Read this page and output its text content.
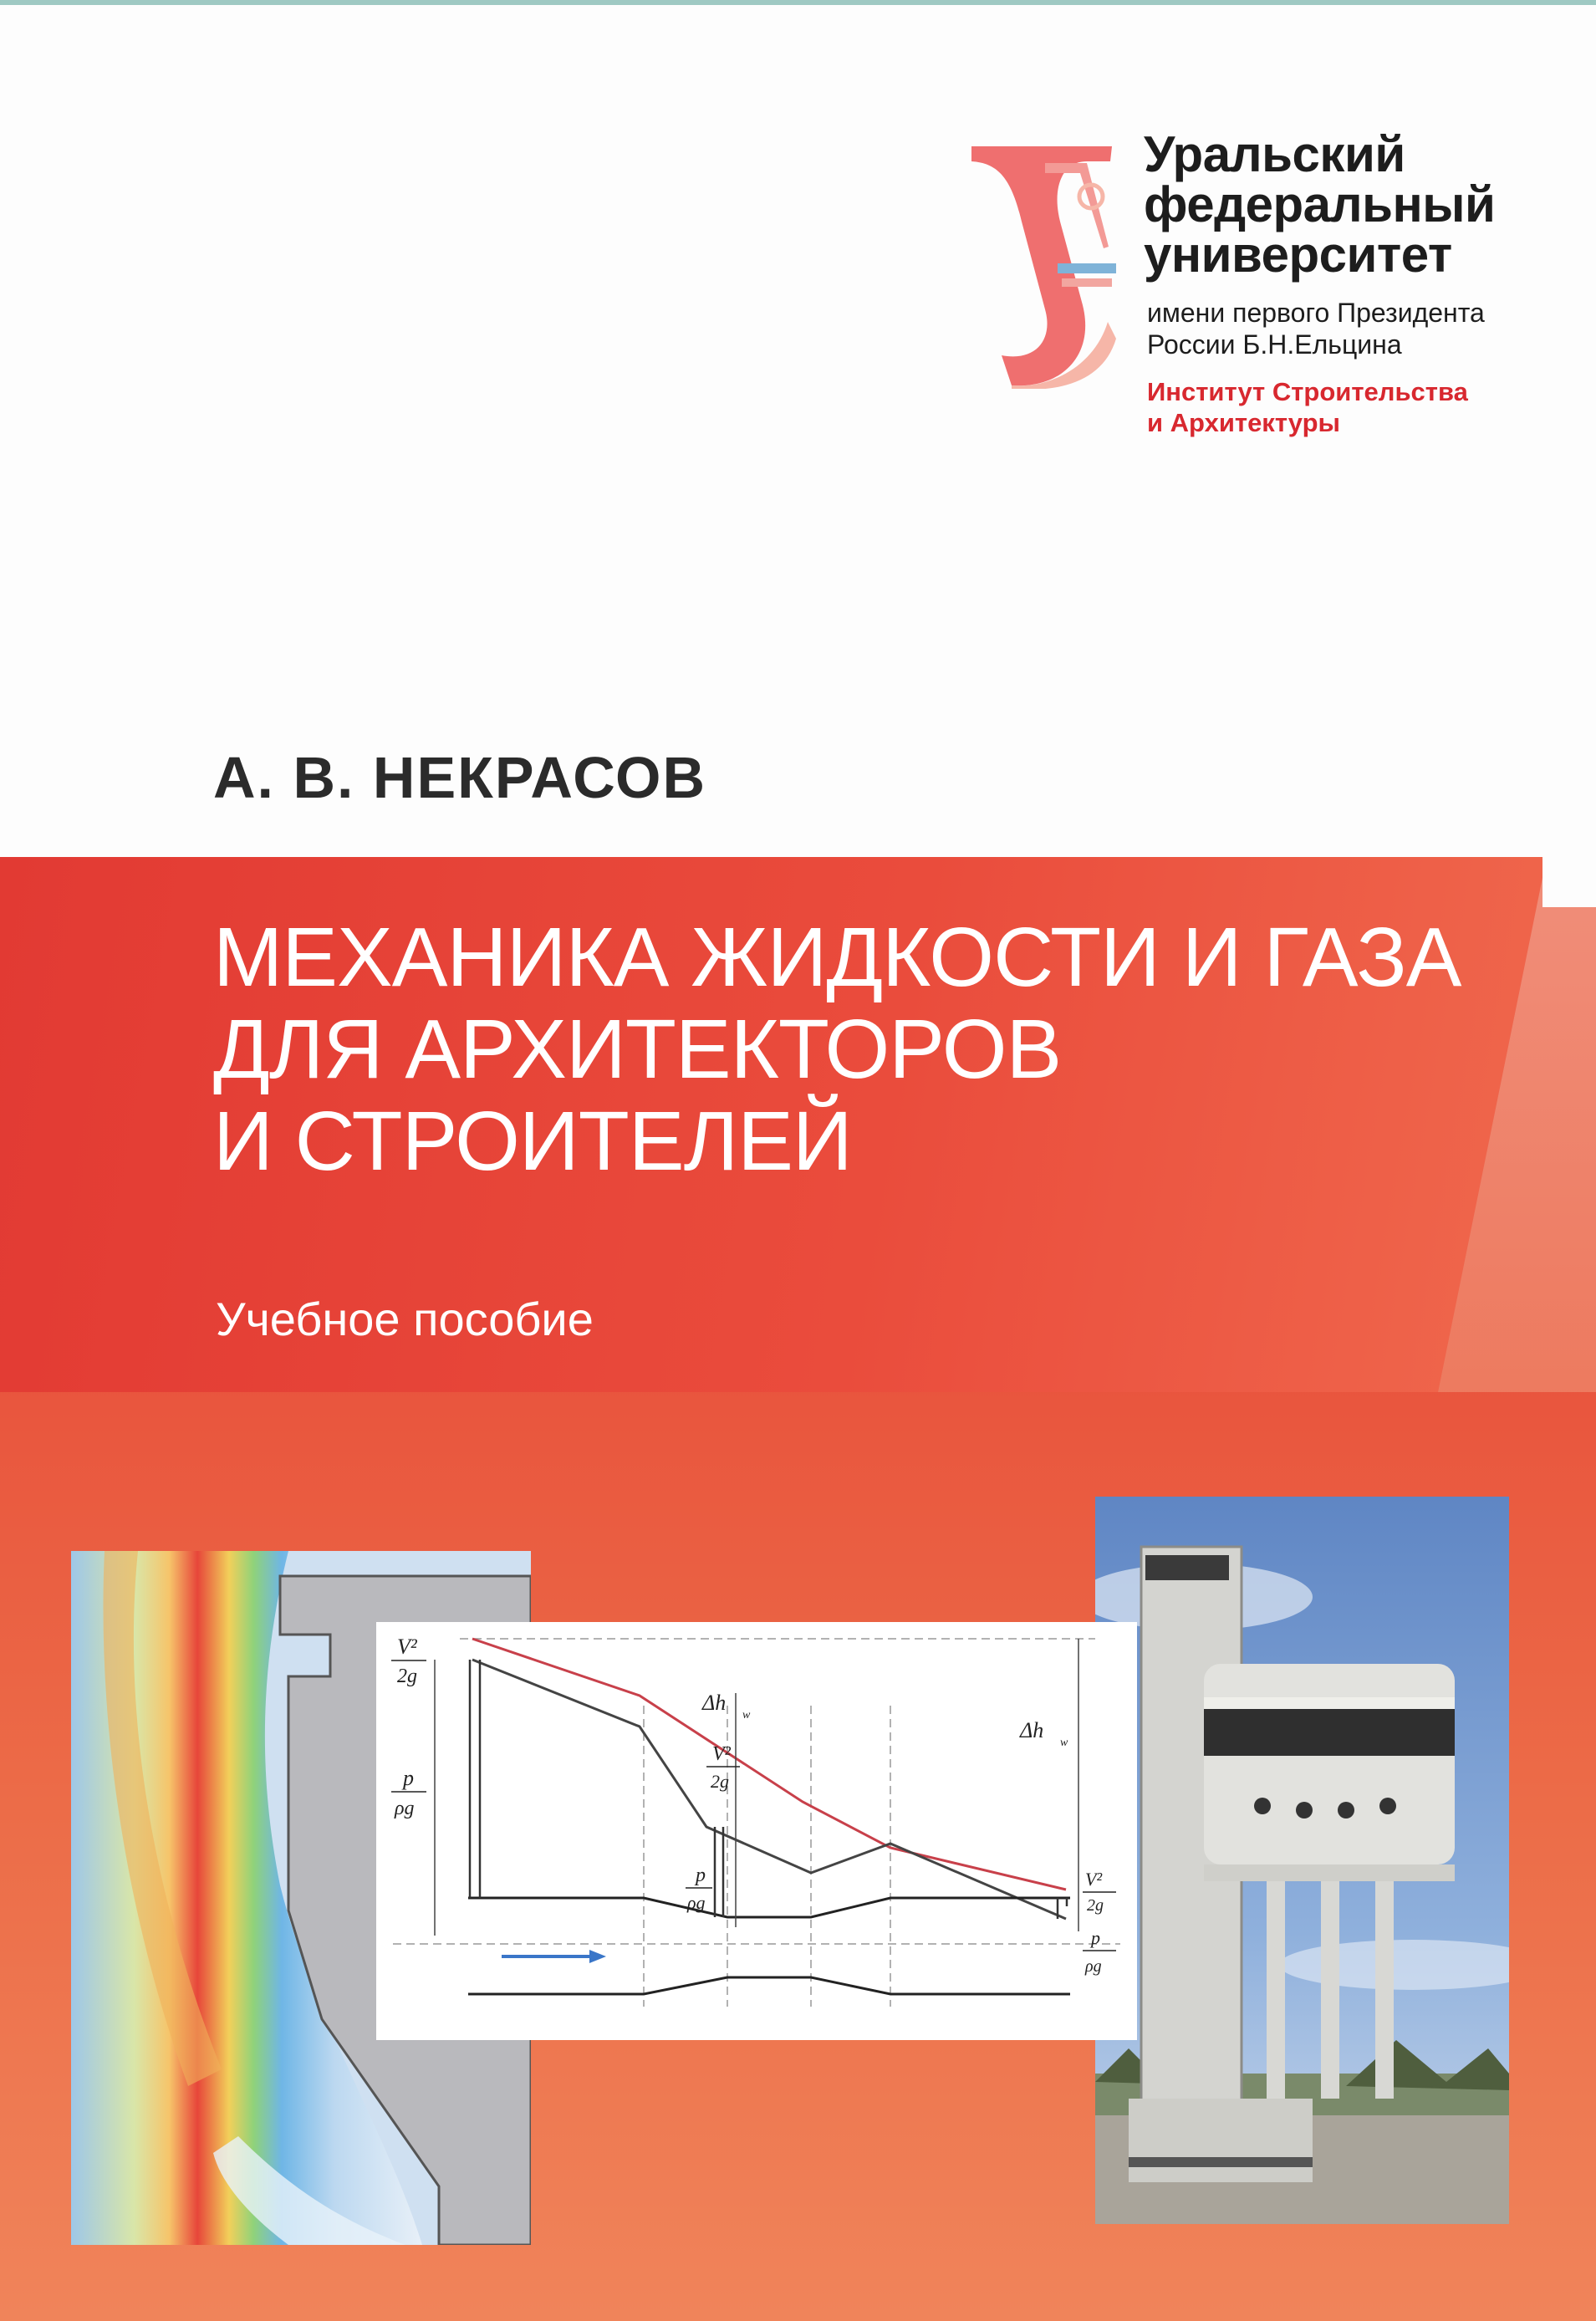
Уральский
федеральный
университет
имени первого Президента
России Б.Н.Ельцина
Институт Строительства
и Архитектуры
А. В. НЕКРАСОВ
МЕХАНИКА ЖИДКОСТИ И ГАЗА
ДЛЯ АРХИТЕКТОРОВ
И СТРОИТЕЛЕЙ
Учебное пособие
V²
2g
p
ρg
Δh
w
V²
2g
p
ρg
Δh
w
V²
2g
p
ρg
